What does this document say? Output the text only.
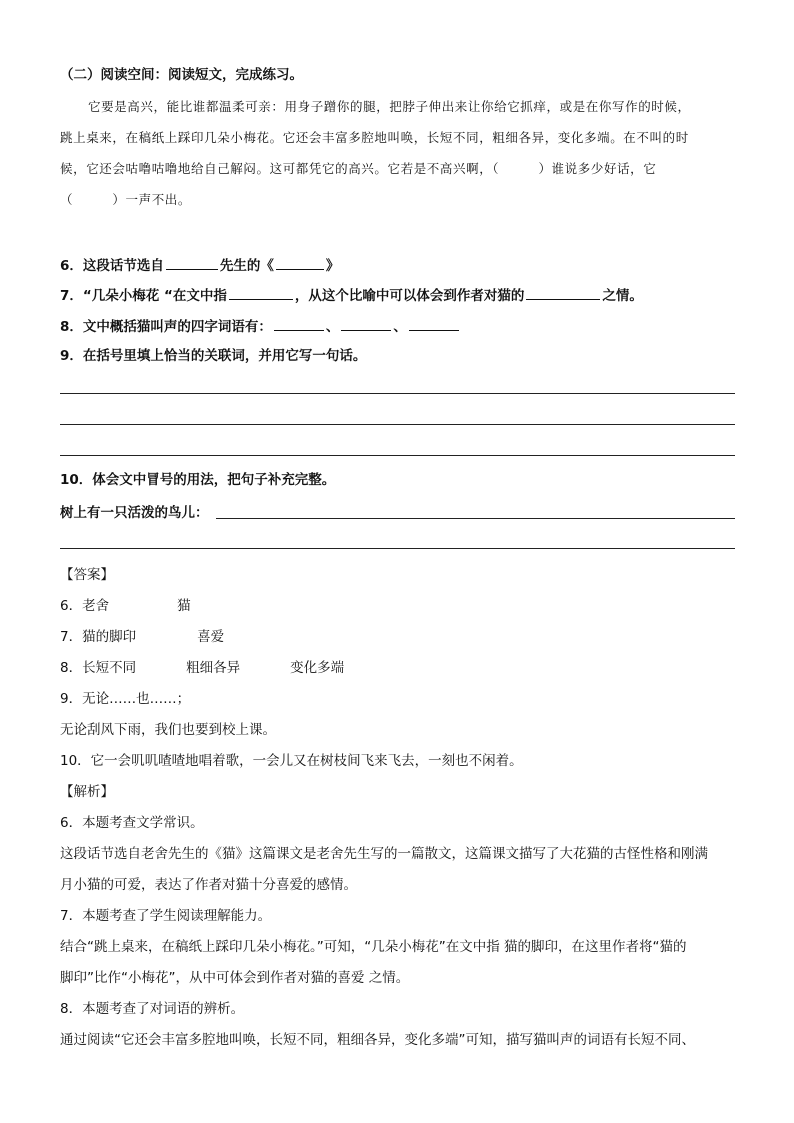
（二）阅读空间：阅读短文，完成练习。
它要是高兴，能比谁都温柔可亲：用身子蹭你的腿，把脖子伸出来让你给它抓痒，或是在你写作的时候，
跳上桌来，在稿纸上踩印几朵小梅花。它还会丰富多腔地叫唤，长短不同，粗细各异，变化多端。在不叫的时
候，它还会咕噜咕噜地给自己解闷。这可都凭它的高兴。它若是不高兴啊，（　　　）谁说多少好话，它
（　　　）一声不出。
6．这段话节选自	先生的《	》
7．“几朵小梅花 “在文中指	，从这个比喻中可以体会到作者对猫的	之情。
8．文中概括猫叫声的四字词语有：	、	、
9．在括号里填上恰当的关联词，并用它写一句话。
10．体会文中冒号的用法，把句子补充完整。
树上有一只活泼的鸟儿：
【答案】
6．老舍	猫
7．猫的脚印	喜爱
8．长短不同	粗细各异	变化多端
9．无论……也……；
无论刮风下雨，我们也要到校上课。
10．它一会叽叽喳喳地唱着歌，一会儿又在树枝间飞来飞去，一刻也不闲着。
【解析】
6．本题考查文学常识。
这段话节选自老舍先生的《猫》这篇课文是老舍先生写的一篇散文，这篇课文描写了大花猫的古怪性格和刚满
月小猫的可爱，表达了作者对猫十分喜爱的感情。
7．本题考查了学生阅读理解能力。
结合“跳上桌来，在稿纸上踩印几朵小梅花。”可知，“几朵小梅花”在文中指 猫的脚印，在这里作者将“猫的
脚印”比作“小梅花”，从中可体会到作者对猫的喜爱 之情。
8．本题考查了对词语的辨析。
通过阅读“它还会丰富多腔地叫唤，长短不同，粗细各异，变化多端”可知，描写猫叫声的词语有长短不同、
